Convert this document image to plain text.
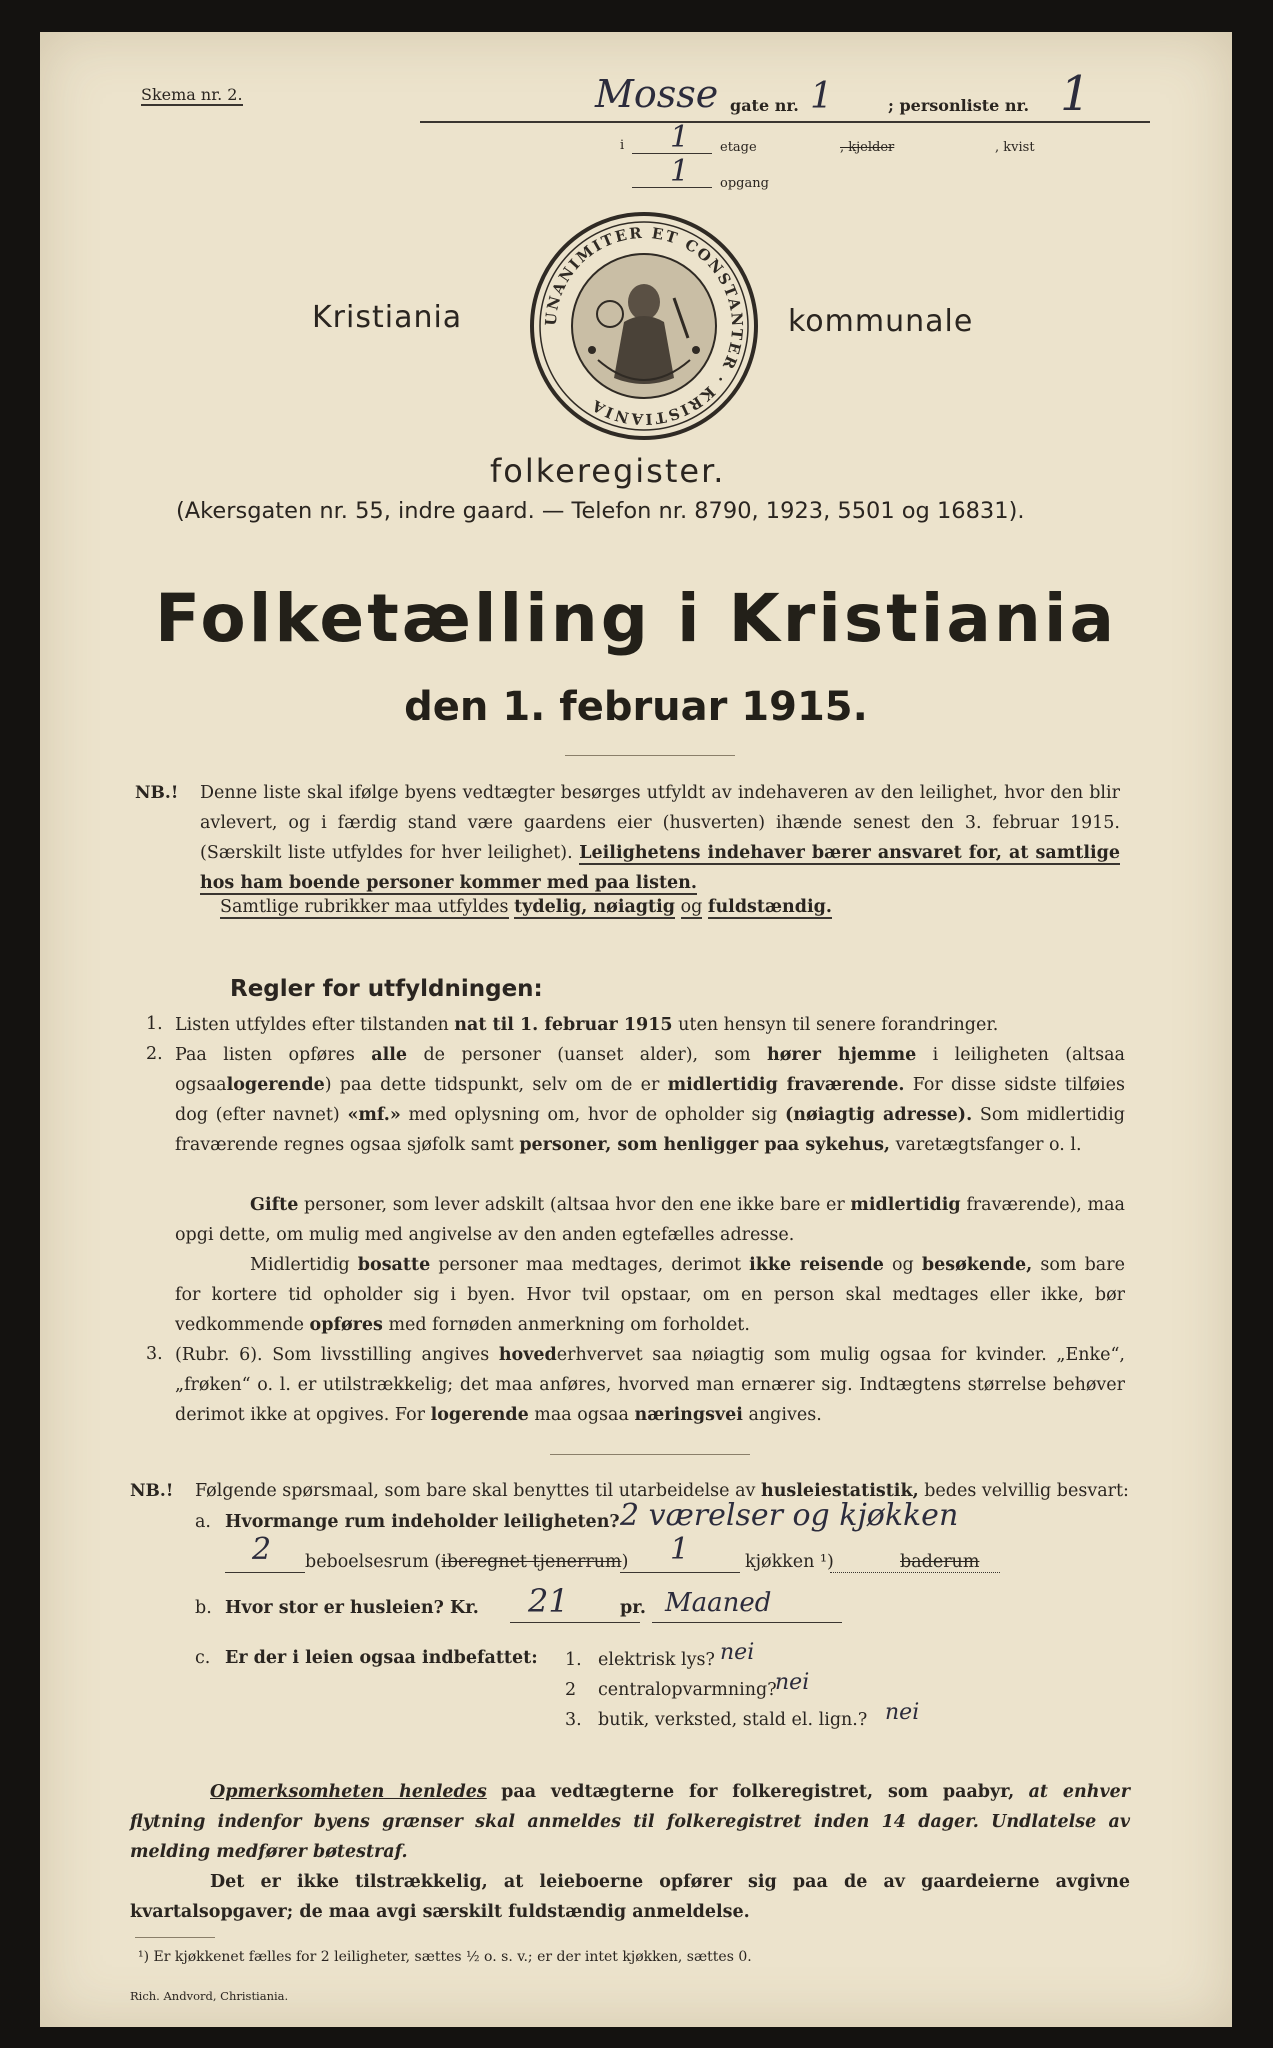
Skema nr. 2.	Mosse gate nr. 1	; personliste nr. 1
i 1 etage	, kjelder	, kvist
1 opgang
UNANIMITER ET CONSTANTER · KRISTIANIA
Kristiania	kommunale
folkeregister.
(Akersgaten nr. 55, indre gaard. — Telefon nr. 8790, 1923, 5501 og 16831).
Folketælling i Kristiania
den 1. februar 1915.
NB.! Denne liste skal ifølge byens vedtægter besørges utfyldt av indehaveren av den leilighet, hvor den blir avlevert, og i færdig stand være gaardens eier (husverten) ihænde senest den 3. februar 1915. (Særskilt liste utfyldes for hver leilighet). Leilighetens indehaver bærer ansvaret for, at samtlige hos ham boende personer kommer med paa listen.

Samtlige rubrikker maa utfyldes tydelig, nøiagtig og fuldstændig.
Regler for utfyldningen:
1. Listen utfyldes efter tilstanden nat til 1. februar 1915 uten hensyn til senere forandringer.

2. Paa listen opføres alle de personer (uanset alder), som hører hjemme i leiligheten (altsaa ogsaalogerende) paa dette tidspunkt, selv om de er midlertidig fraværende. For disse sidste tilføies dog (efter navnet) «mf.» med oplysning om, hvor de opholder sig (nøiagtig adresse). Som midlertidig fraværende regnes ogsaa sjøfolk samt personer, som henligger paa sykehus, varetægtsfanger o. l.

Gifte personer, som lever adskilt (altsaa hvor den ene ikke bare er midlertidig fraværende), maa opgi dette, om mulig med angivelse av den anden egtefælles adresse.

Midlertidig bosatte personer maa medtages, derimot ikke reisende og besøkende, som bare for kortere tid opholder sig i byen. Hvor tvil opstaar, om en person skal medtages eller ikke, bør vedkommende opføres med fornøden anmerkning om forholdet.

3. (Rubr. 6). Som livsstilling angives hovederhvervet saa nøiagtig som mulig ogsaa for kvinder. „Enke“, „frøken“ o. l. er utilstrækkelig; det maa anføres, hvorved man ernærer sig. Indtægtens størrelse behøver derimot ikke at opgives. For logerende maa ogsaa næringsvei angives.

NB.! Følgende spørsmaal, som bare skal benyttes til utarbeidelse av husleiestatistik, bedes velvillig besvart:
a. Hvormange rum indeholder leiligheten? 2 værelser og kjøkken
2 beboelsesrum (iberegnet tjenerrum) 1	kjøkken ¹)	baderum
b. Hvor stor er husleien? Kr. 21	pr. Maaned
c. Er der i leien ogsaa indbefattet: 1. elektrisk lys? nei
2 centralopvarmning?
nei
3. butik, verksted, stald el. lign.? nei

Opmerksomheten henledes paa vedtægterne for folkeregistret, som paabyr, at enhver flytning indenfor byens grænser skal anmeldes til folkeregistret inden 14 dager. Undlatelse av melding medfører bøtestraf.

Det er ikke tilstrækkelig, at leieboerne opfører sig paa de av gaardeierne avgivne kvartalsopgaver; de maa avgi særskilt fuldstændig anmeldelse.

¹) Er kjøkkenet fælles for 2 leiligheter, sættes ½ o. s. v.; er der intet kjøkken, sættes 0.
Rich. Andvord, Christiania.
